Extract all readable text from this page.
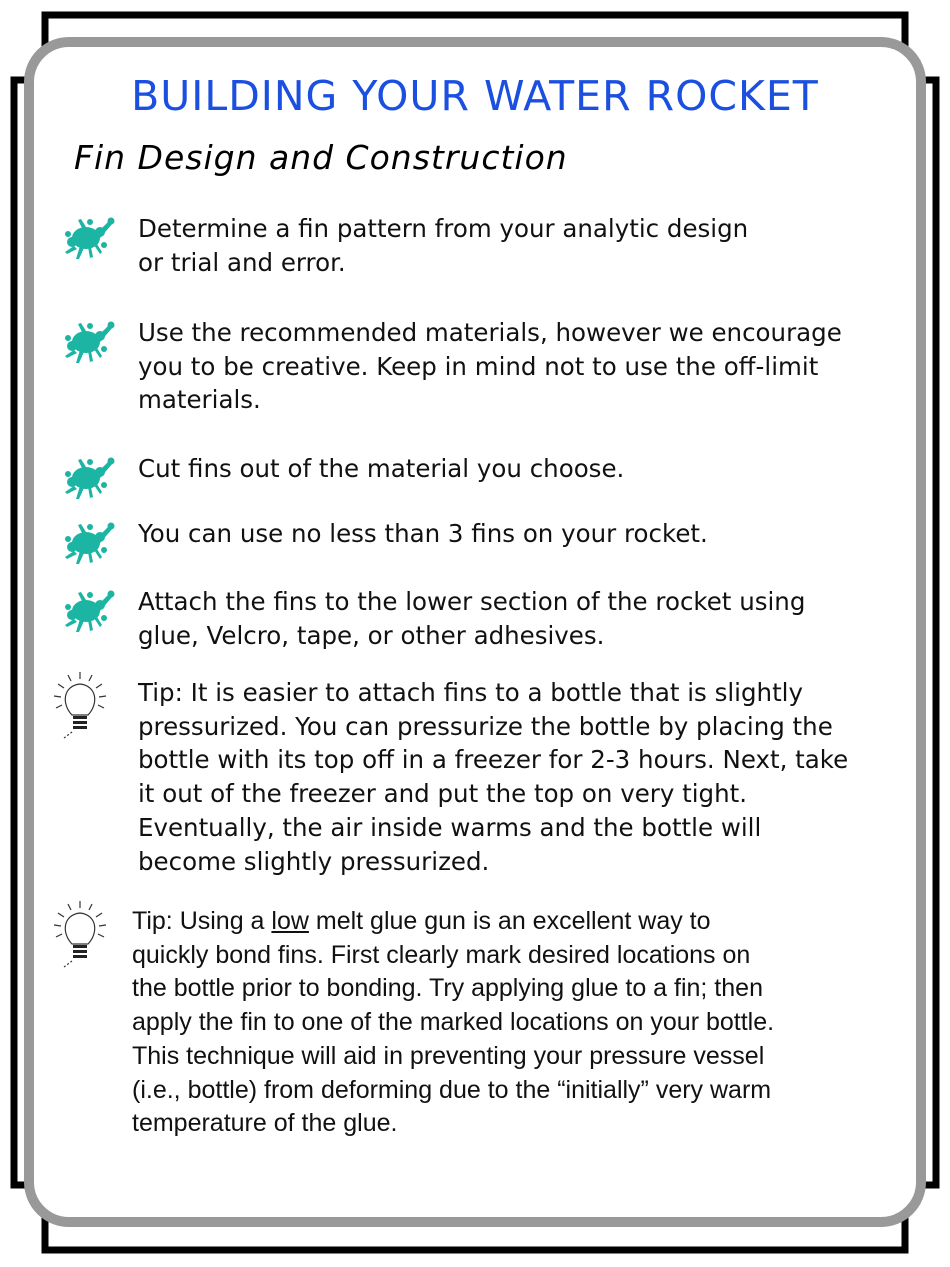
BUILDING YOUR WATER ROCKET
Fin Design and Construction
Determine a fin pattern from your analytic design
or trial and error.
Use the recommended materials, however we encourage
you to be creative. Keep in mind not to use the off-limit
materials.
Cut fins out of the material you choose.
You can use no less than 3 fins on your rocket.
Attach the fins to the lower section of the rocket using
glue, Velcro, tape, or other adhesives.
Tip: It is easier to attach fins to a bottle that is slightly
pressurized. You can pressurize the bottle by placing the
bottle with its top off in a freezer for 2-3 hours. Next, take
it out of the freezer and put the top on very tight.
Eventually, the air inside warms and the bottle will
become slightly pressurized.
Tip: Using a low melt glue gun is an excellent way to
quickly bond fins. First clearly mark desired locations on
the bottle prior to bonding. Try applying glue to a fin; then
apply the fin to one of the marked locations on your bottle.
This technique will aid in preventing your pressure vessel
(i.e., bottle) from deforming due to the “initially” very warm
temperature of the glue.
